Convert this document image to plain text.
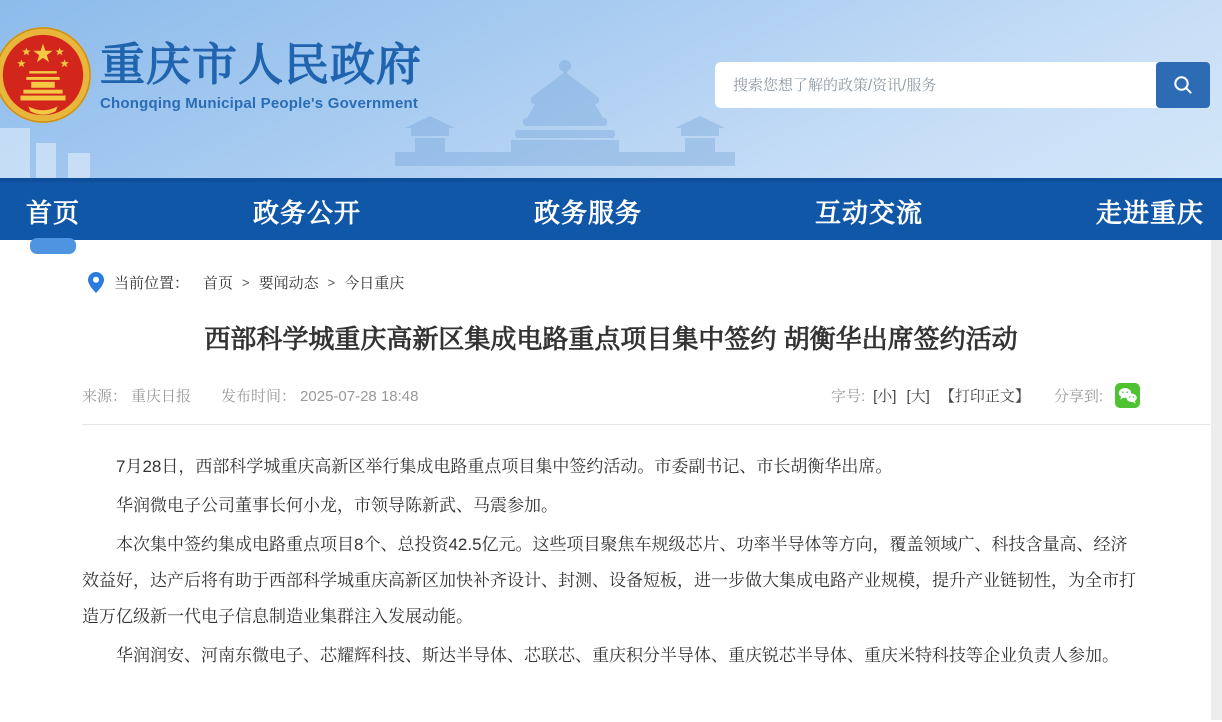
重庆市人民政府
Chongqing Municipal People's Government
搜索您想了解的政策/资讯/服务
首页	政务公开	政务服务	互动交流	走进重庆
当前位置： 首页 > 要闻动态 > 今日重庆
西部科学城重庆高新区集成电路重点项目集中签约 胡衡华出席签约活动
来源： 重庆日报 发布时间： 2025-07-28 18:48	字号: [小] [大] 【打印正文】 分享到:

7月28日，西部科学城重庆高新区举行集成电路重点项目集中签约活动。市委副书记、市长胡衡华出席。

华润微电子公司董事长何小龙，市领导陈新武、马震参加。

本次集中签约集成电路重点项目8个、总投资42.5亿元。这些项目聚焦车规级芯片、功率半导体等方向，覆盖领域广、科技含量高、经济效益好，达产后将有助于西部科学城重庆高新区加快补齐设计、封测、设备短板，进一步做大集成电路产业规模，提升产业链韧性，为全市打造万亿级新一代电子信息制造业集群注入发展动能。

华润润安、河南东微电子、芯耀辉科技、斯达半导体、芯联芯、重庆积分半导体、重庆锐芯半导体、重庆米特科技等企业负责人参加。
